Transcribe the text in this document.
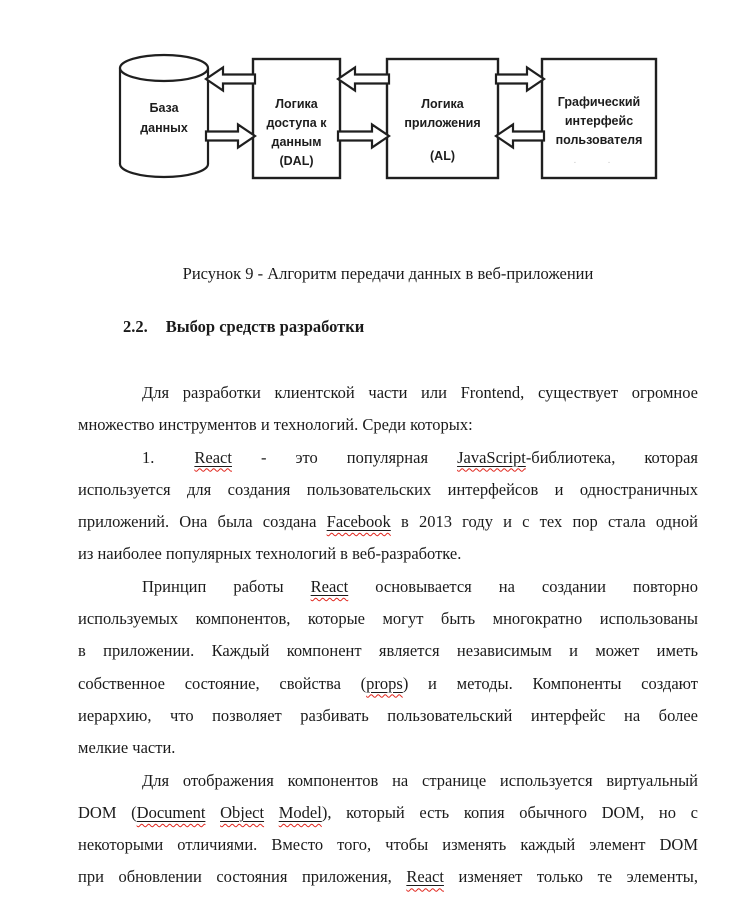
База
данных
Логика
доступа к
данным
(DAL)
Логика
приложения
(AL)
Графический
интерфейс
пользователя
· ·
Рисунок 9 - Алгоритм передачи данных в веб-приложении
2.2. Выбор средств разработки
Для разработки клиентской части или Frontend, существует огромное
множество инструментов и технологий. Среди которых:
1. React - это популярная JavaScript-библиотека, которая
используется для создания пользовательских интерфейсов и одностраничных
приложений. Она была создана Facebook в 2013 году и с тех пор стала одной
из наиболее популярных технологий в веб-разработке.
Принцип работы React основывается на создании повторно
используемых компонентов, которые могут быть многократно использованы
в приложении. Каждый компонент является независимым и может иметь
собственное состояние, свойства (props) и методы. Компоненты создают
иерархию, что позволяет разбивать пользовательский интерфейс на более
мелкие части.
Для отображения компонентов на странице используется виртуальный
DOM (Document Object Model), который есть копия обычного DOM, но с
некоторыми отличиями. Вместо того, чтобы изменять каждый элемент DOM
при обновлении состояния приложения, React изменяет только те элементы,
